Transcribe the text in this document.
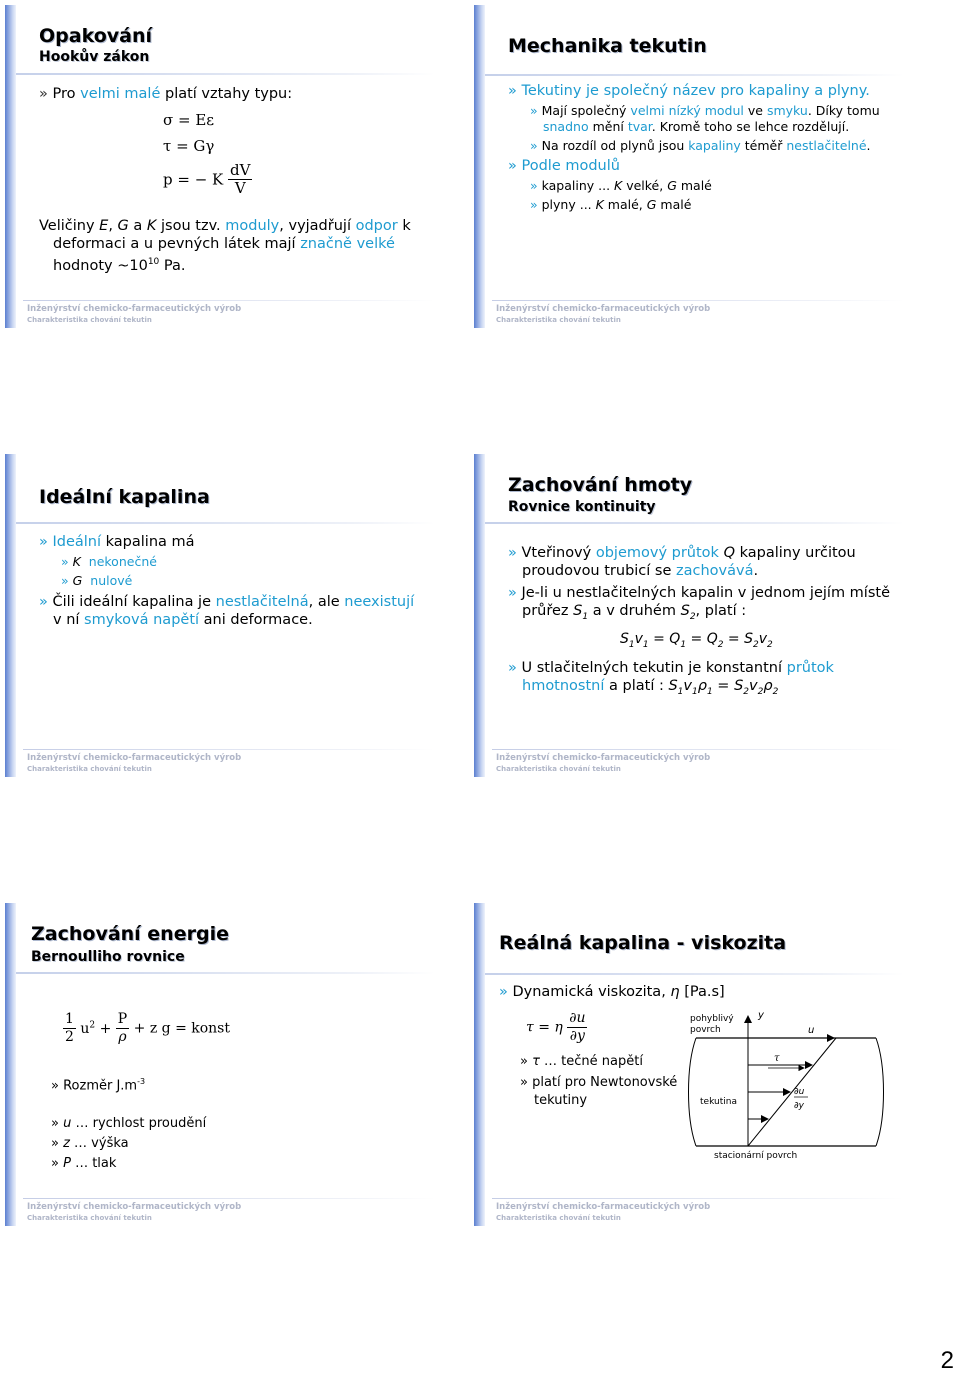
Opakování
Hookův zákon
» Pro velmi malé platí vztahy typu:
σ = Eε
τ = Gγ
p = − K $\frac{dV}{V}$
Veličiny E, G a K jsou tzv. moduly, vyjadřují odpor k deformaci a u pevných látek mají značně velké hodnoty $\sim 10^{10}$ Pa.
Inženýrství chemicko-farmaceutických výrob
Charakteristika chování tekutin
Mechanika tekutin
» Tekutiny je společný název pro kapaliny a plyny.
» Mají společný velmi nízký modul ve smyku. Díky tomu snadno mění tvar. Kromě toho se lehce rozdělují.
» Na rozdíl od plynů jsou kapaliny téměř nestlačitelné.
» Podle modulů
» kapaliny ... K velké, G malé
» plyny ... K malé, G malé
Inženýrství chemicko-farmaceutických výrob
Charakteristika chování tekutin
Ideální kapalina
» Ideální kapalina má
» K nekonečné
» G nulové
» Čili ideální kapalina je nestlačitelná, ale neexistují v ní smyková napětí ani deformace.
Inženýrství chemicko-farmaceutických výrob
Charakteristika chování tekutin
Zachování hmoty
Rovnice kontinuity
» Vteřinový objemový průtok Q kapaliny určitou proudovou trubicí se zachovává.
» Je-li u nestlačitelných kapalin v jednom jejím místě průřez $S_1$ a v druhém $S_2$, platí :
$S_1v_1 = Q_1 = Q_2 = S_2v_2$
» U stlačitelných tekutin je konstantní průtok hmotnostní a platí : $S_1v_1\rho_1 = S_2v_2\rho_2$
Inženýrství chemicko-farmaceutických výrob
Charakteristika chování tekutin
Zachování energie
Bernoulliho rovnice
$\frac{1}{2} u^2 + \frac{P}{\rho} + z$ g = konst
» Rozměr $J.m^{-3}$
» u … rychlost proudění
» z … výška
» P … tlak
Inženýrství chemicko-farmaceutických výrob
Charakteristika chování tekutin
Reálná kapalina - viskozita
» Dynamická viskozita, η [Pa.s]
τ = η $\frac{\partial u}{\partial y}$
» τ … tečné napětí
» platí pro Newtonovské tekutiny
pohyblivý
povrch
y
u
τ
∂u
∂y
tekutina
stacionární povrch
Inženýrství chemicko-farmaceutických výrob
Charakteristika chování tekutin
2
